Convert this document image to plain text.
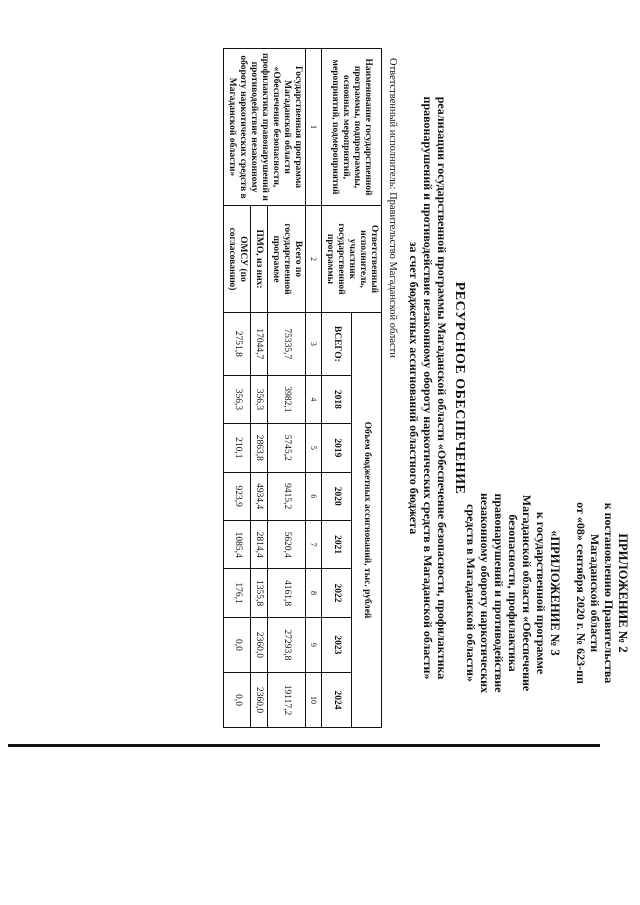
ПРИЛОЖЕНИЕ № 2
к постановлению Правительства
Магаданской области
от «08» сентября 2020 г. № 623-пп
«ПРИЛОЖЕНИЕ № 3
к государственной программе
Магаданской области «Обеспечение
безопасности, профилактика
правонарушений и противодействие
незаконному обороту наркотических
средств в Магаданской области»
РЕСУРСНОЕ ОБЕСПЕЧЕНИЕ
реализации государственной программы Магаданской области «Обеспечение безопасности, профилактика
правонарушений и противодействие незаконному обороту наркотических средств в Магаданской области»
за счет бюджетных ассигнований областного бюджета
Ответственный исполнитель: Правительство Магаданской области
Наименование государственной программы, подпрограммы, основных мероприятий, мероприятий, подмероприятий	Ответственный исполнитель, участник государственной программы	Объем бюджетных ассигнований, тыс. рублей							
		ВСЕГО:	2018	2019	2020	2021	2022	2023	2024
1	2	3	4	5	6	7	8	9	10
Государственная программа Магаданской области «Обеспечение безопасности, профилактика правонарушений и противодействие незаконному обороту наркотических средств в Магаданской области»	Всего по государственной программе	75335,7	3982,1	5745,2	9415,2	5620,4	4161,8	27293,8	19117,2
	ПМО, из них:	17044,7	356,3	2863,8	4934,4	2814,4	1355,8	2360,0	2360,0
	ОМСУ (по согласованию)	2751,8	356,3	210,1	923,9	1085,4	176,1	0,0	0,0
